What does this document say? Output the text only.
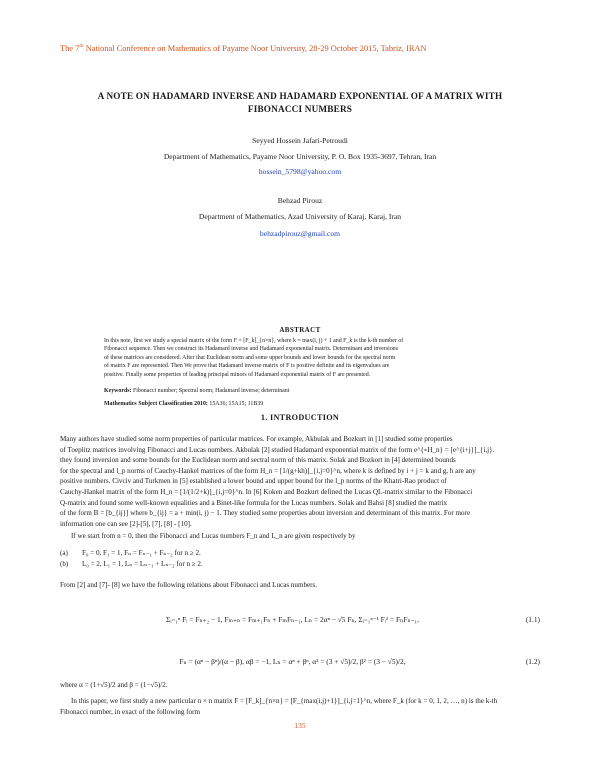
The 7th National Conference on Mathematics of Payame Noor University, 28-29 October 2015, Tabriz, IRAN
A NOTE ON HADAMARD INVERSE AND HADAMARD EXPONENTIAL OF A MATRIX WITH
FIBONACCI NUMBERS
Seyyed Hossein Jafari-Petroudi
Department of Mathematics, Payame Noor University, P. O. Box 1935-3697, Tehran, Iran
hossein_5798@yahoo.com
Behzad Pirouz
Department of Mathematics, Azad University of Karaj, Karaj, Iran
behzadpirouz@gmail.com
ABSTRACT
In this note, first we study a special matrix of the form F = [F_k]_{n×n}, where k = max(i, j) + 1 and F_k is the k-th number of
Fibonacci sequence. Then we construct its Hadamard inverse and Hadamard exponential matrix. Determinant and inversions
of these matrices are considered. After that Euclidean norm and some upper bounds and lower bounds for the spectral norm
of matrix F are represented. Then We prove that Hadamard inverse matrix of F is positive definite and its eigenvalues are
positive. Finally some properties of leading principal minors of Hadamard exponential matrix of F are presented.
Keywords: Fibonacci number; Spectral norm; Hadamard inverse; determinant
Mathematics Subject Classification 2010: 15A36; 15A15; 11B39
1. INTRODUCTION
Many authors have studied some norm properties of particular matrices. For example, Akbulak and Bozkurt in [1] studied some properties
of Toeplitz matrices involving Fibonacci and Lucas numbers. Akbulak [2] studied Hadamard exponential matrix of the form e^{∘H_n} = [e^{i+j}]_{i,j}.
they found inversion and some bounds for the Euclidean norm and sectral norm of this matrix. Solak and Bozkort in [4] determined bounds
for the spectral and l_p norms of Cauchy-Hankel matrices of the form H_n = [1/(g+kh)]_{i,j=0}^n, where k is defined by i + j = k and g, h are any
positive numbers. Civciv and Turkmen in [5] established a lower bound and upper bound for the l_p norms of the Khatri-Rao product of
Cauchy-Hankel matrix of the form H_n = [1/(1/2+k)]_{i,j=0}^n. In [6] Koken and Bozkurt defined the Lucas QL-matrix similar to the Fibonacci
Q-matrix and found some well-known equalities and a Binet-like formula for the Lucas numbers. Solak and Bahsi [8] studied the matrix
of the form B = [b_{ij}] where b_{ij} = a + min(i, j) − 1. They studied some properties about inversion and determinant of this matrix. For more
information one can see [2]-[5], [7], [8] - [10].
If we start from n = 0, then the Fibonacci and Lucas numbers F_n and L_n are given respectively by
(a) F₀ = 0, F₁ = 1, Fₙ = Fₙ₋₁ + Fₙ₋₂ for n ≥ 2.
(b) L₀ = 2, L₁ = 1, Lₙ = Lₙ₋₁ + Lₙ₋₂ for n ≥ 2.
From [2] and [7]- [8] we have the following relations about Fibonacci and Lucas numbers.
Σᵢ₌₁ⁿ Fᵢ = Fₙ₊₂ − 1, Fₘ₊ₙ = Fₘ₊₁Fₙ + FₘFₙ₋₁, Lₙ = 2αⁿ − √5 Fₙ, Σᵢ₌₁ⁿ⁻¹ Fᵢ² = FₙFₙ₋₁,	(1.1)
Fₙ = (αⁿ − βⁿ)/(α − β), αβ = −1, Lₙ = αⁿ + βⁿ, α² = (3 + √5)/2, β² = (3 − √5)/2,	(1.2)
where α = (1+√5)/2 and β = (1−√5)/2.
In this paper, we first study a new particular n × n matrix F = [F_k]_{n×n} = [F_{max(i,j)+1}]_{i,j=1}^n, where F_k (for k = 0, 1, 2, …, n) is the k-th
Fibonacci number, in exact of the following form
135
